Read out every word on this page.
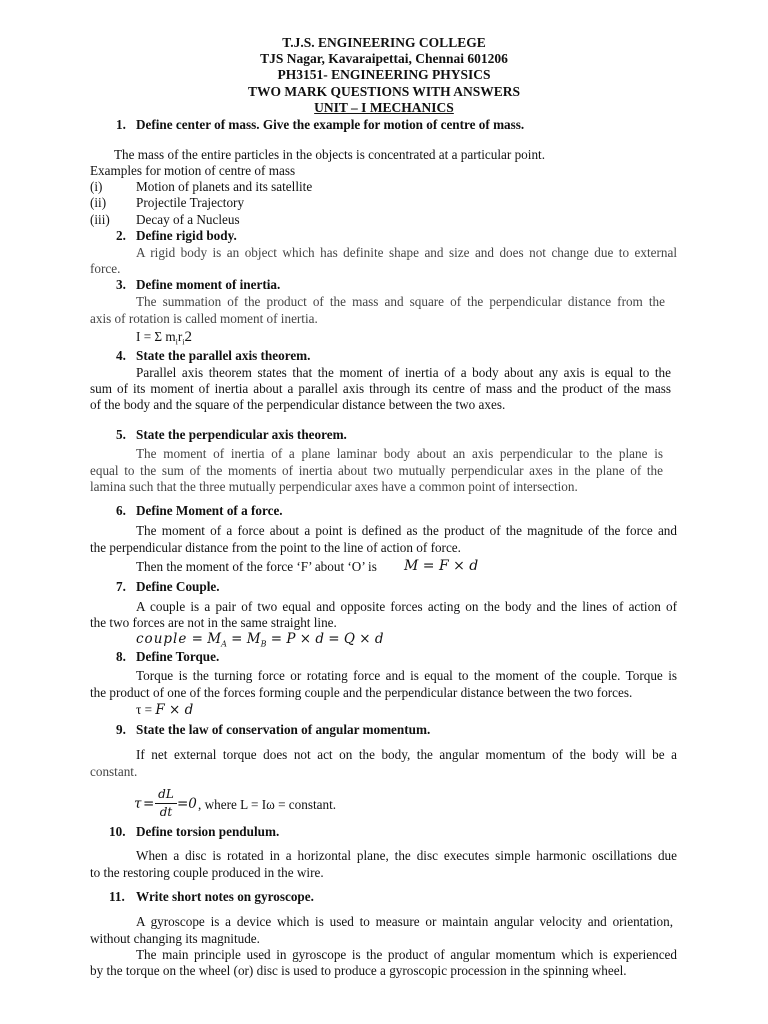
T.J.S. ENGINEERING COLLEGE
TJS Nagar, Kavaraipettai, Chennai 601206
PH3151- ENGINEERING PHYSICS
TWO MARK QUESTIONS WITH ANSWERS
UNIT – I MECHANICS
1. Define center of mass. Give the example for motion of centre of mass.
The mass of the entire particles in the objects is concentrated at a particular point.
Examples for motion of centre of mass
(i)	Motion of planets and its satellite
(ii) Projectile Trajectory
(iii) Decay of a Nucleus
2. Define rigid body.
A rigid body is an object which has definite shape and size and does not change due to external
force.
3. Define moment of inertia.
The summation of the product of the mass and square of the perpendicular distance from the
axis of rotation is called moment of inertia.
I = Σ $m_ir_i2$
4. State the parallel axis theorem.
Parallel axis theorem states that the moment of inertia of a body about any axis is equal to the
sum of its moment of inertia about a parallel axis through its centre of mass and the product of the mass
of the body and the square of the perpendicular distance between the two axes.
5. State the perpendicular axis theorem.
The moment of inertia of a plane laminar body about an axis perpendicular to the plane is
equal to the sum of the moments of inertia about two mutually perpendicular axes in the plane of the
lamina such that the three mutually perpendicular axes have a common point of intersection.
6. Define Moment of a force.
The moment of a force about a point is defined as the product of the magnitude of the force and
the perpendicular distance from the point to the line of action of force.
Then the moment of the force ‘F’ about ‘O’ is M = F × d
7. Define Couple.
A couple is a pair of two equal and opposite forces acting on the body and the lines of action of
the two forces are not in the same straight line.
couple = $M_A = M_B = P \times d = Q \times d$
8. Define Torque.
Torque is the turning force or rotating force and is equal to the moment of the couple. Torque is
the product of one of the forces forming couple and the perpendicular distance between the two forces.
τ = F × d
9. State the law of conservation of angular momentum.
If net external torque does not act on the body, the angular momentum of the body will be a
constant.
τ =
dL
dt =0 , where L = Iω = constant.
10. Define torsion pendulum.
When a disc is rotated in a horizontal plane, the disc executes simple harmonic oscillations due
to the restoring couple produced in the wire.
11. Write short notes on gyroscope.
A gyroscope is a device which is used to measure or maintain angular velocity and orientation,
without changing its magnitude.
The main principle used in gyroscope is the product of angular momentum which is experienced
by the torque on the wheel (or) disc is used to produce a gyroscopic procession in the spinning wheel.
